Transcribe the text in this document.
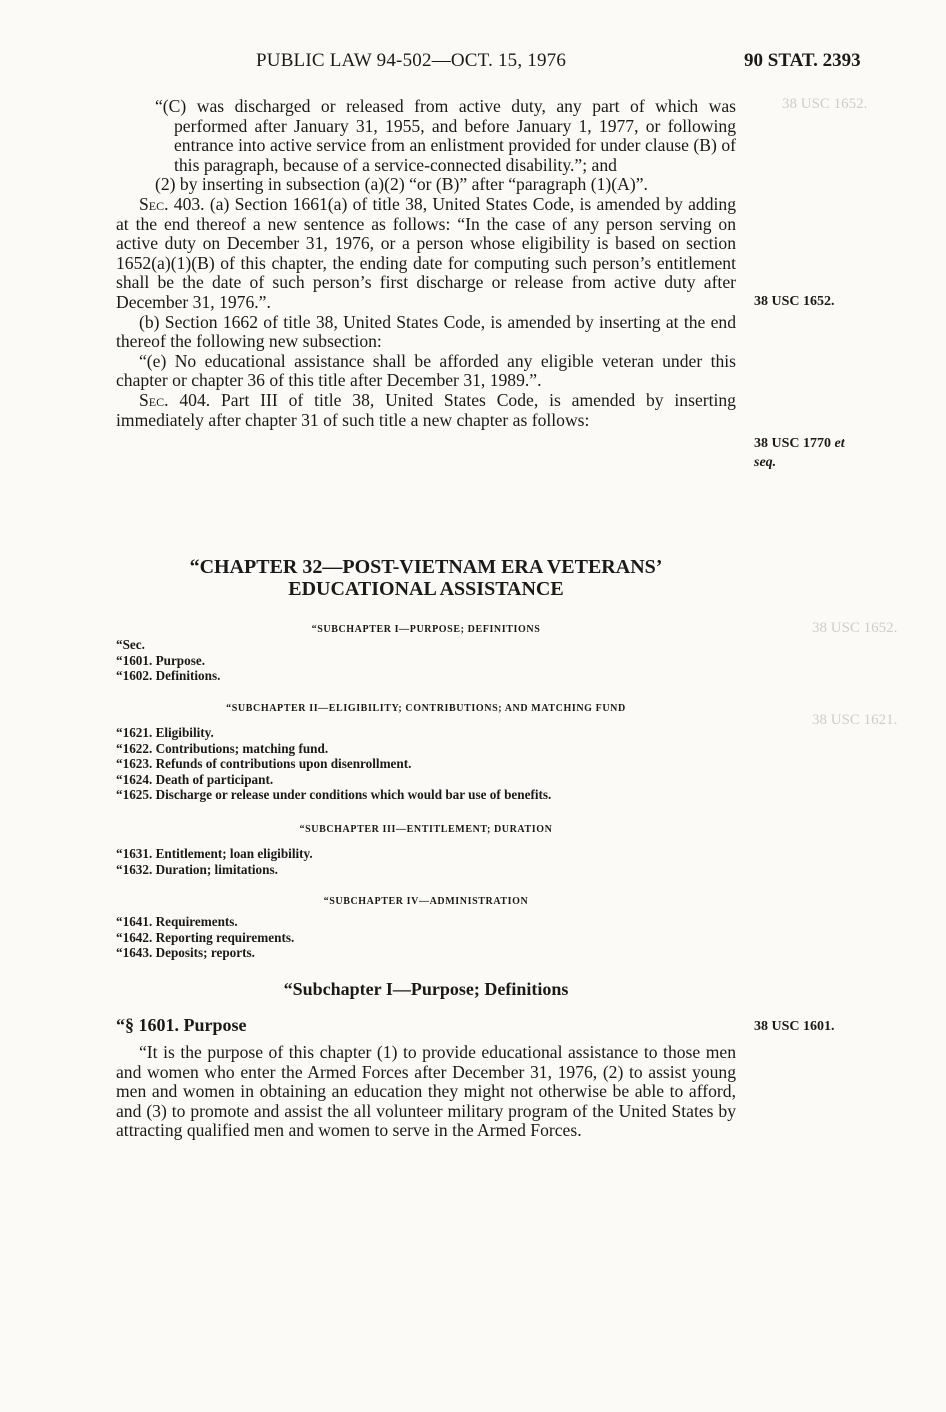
38 USC 1652.
38 USC 1652.
38 USC 1621.
PUBLIC LAW 94-502—OCT. 15, 1976	90 STAT. 2393

“(C) was discharged or released from active duty, any part of which was performed after January 31, 1955, and before January 1, 1977, or following entrance into active service from an enlistment provided for under clause (B) of this paragraph, because of a service-connected disability.”; and

(2) by inserting in subsection (a)(2) “or (B)” after “paragraph (1)(A)”.

Sec. 403. (a) Section 1661(a) of title 38, United States Code, is amended by adding at the end thereof a new sentence as follows: “In the case of any person serving on active duty on December 31, 1976, or a person whose eligibility is based on section 1652(a)(1)(B) of this chapter, the ending date for computing such person’s entitlement shall be the date of such person’s first discharge or release from active duty after December 31, 1976.”.

(b) Section 1662 of title 38, United States Code, is amended by inserting at the end thereof the following new subsection:

“(e) No educational assistance shall be afforded any eligible veteran under this chapter or chapter 36 of this title after December 31, 1989.”.

Sec. 404. Part III of title 38, United States Code, is amended by inserting immediately after chapter 31 of such title a new chapter as follows:

38 USC 1652.
38 USC 1770 et
seq.
“CHAPTER 32—POST-VIETNAM ERA VETERANS’
EDUCATIONAL ASSISTANCE
“SUBCHAPTER I—PURPOSE; DEFINITIONS
“Sec.
“1601. Purpose.
“1602. Definitions.
“SUBCHAPTER II—ELIGIBILITY; CONTRIBUTIONS; AND MATCHING FUND
“1621. Eligibility.
“1622. Contributions; matching fund.
“1623. Refunds of contributions upon disenrollment.
“1624. Death of participant.
“1625. Discharge or release under conditions which would bar use of benefits.
“SUBCHAPTER III—ENTITLEMENT; DURATION
“1631. Entitlement; loan eligibility.
“1632. Duration; limitations.
“SUBCHAPTER IV—ADMINISTRATION
“1641. Requirements.
“1642. Reporting requirements.
“1643. Deposits; reports.
“Subchapter I—Purpose; Definitions
“§ 1601. Purpose	38 USC 1601.

“It is the purpose of this chapter (1) to provide educational assistance to those men and women who enter the Armed Forces after December 31, 1976, (2) to assist young men and women in obtaining an education they might not otherwise be able to afford, and (3) to promote and assist the all volunteer military program of the United States by attracting qualified men and women to serve in the Armed Forces.
